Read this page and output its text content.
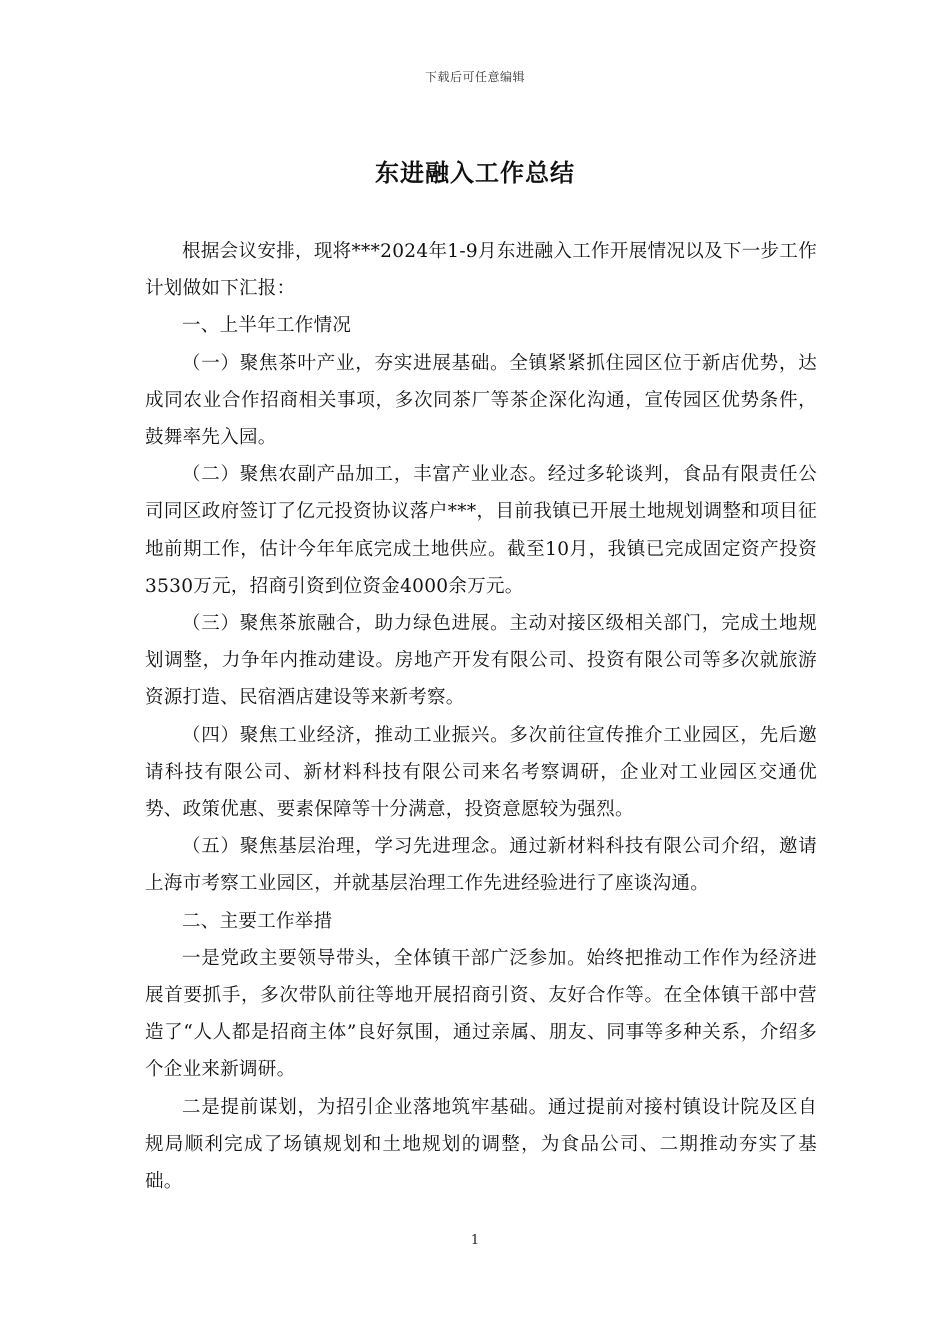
下载后可任意编辑
东进融入工作总结

根据会议安排，现将***2024年1-9月东进融入工作开展情况以及下一步工作计划做如下汇报：

一、上半年工作情况

（一）聚焦茶叶产业，夯实进展基础。全镇紧紧抓住园区位于新店优势，达成同农业合作招商相关事项，多次同茶厂等茶企深化沟通，宣传园区优势条件，鼓舞率先入园。

（二）聚焦农副产品加工，丰富产业业态。经过多轮谈判，食品有限责任公司同区政府签订了亿元投资协议落户***，目前我镇已开展土地规划调整和项目征地前期工作，估计今年年底完成土地供应。截至10月，我镇已完成固定资产投资3530万元，招商引资到位资金4000余万元。

（三）聚焦茶旅融合，助力绿色进展。主动对接区级相关部门，完成土地规划调整，力争年内推动建设。房地产开发有限公司、投资有限公司等多次就旅游资源打造、民宿酒店建设等来新考察。

（四）聚焦工业经济，推动工业振兴。多次前往宣传推介工业园区，先后邀请科技有限公司、新材料科技有限公司来名考察调研，企业对工业园区交通优势、政策优惠、要素保障等十分满意，投资意愿较为强烈。

（五）聚焦基层治理，学习先进理念。通过新材料科技有限公司介绍，邀请上海市考察工业园区，并就基层治理工作先进经验进行了座谈沟通。

二、主要工作举措

一是党政主要领导带头，全体镇干部广泛参加。始终把推动工作作为经济进展首要抓手，多次带队前往等地开展招商引资、友好合作等。在全体镇干部中营造了“人人都是招商主体”良好氛围，通过亲属、朋友、同事等多种关系，介绍多个企业来新调研。

二是提前谋划，为招引企业落地筑牢基础。通过提前对接村镇设计院及区自规局顺利完成了场镇规划和土地规划的调整，为食品公司、二期推动夯实了基础。

1
